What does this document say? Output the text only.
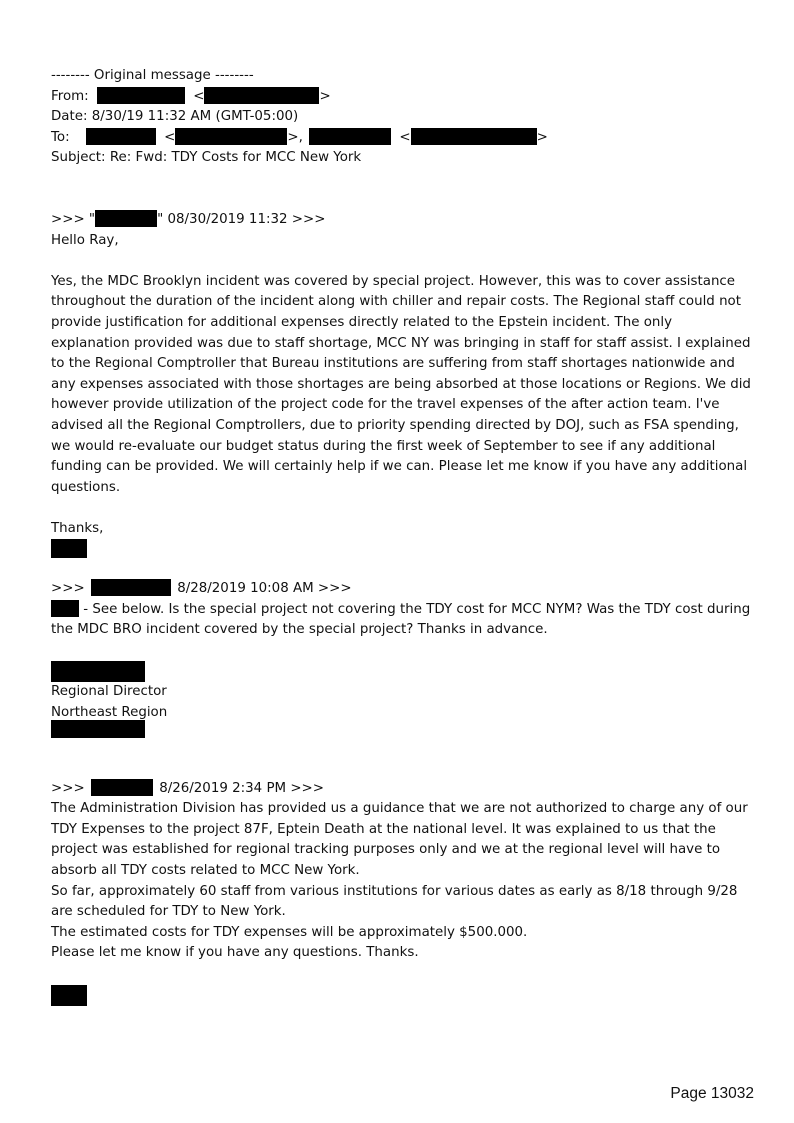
-------- Original message --------
From:	<	>
Date: 8/30/19 11:32 AM (GMT-05:00)
To:	<	>,	<	>
Subject: Re: Fwd: TDY Costs for MCC New York
>>> "	" 08/30/2019 11:32 >>>
Hello Ray,

Yes, the MDC Brooklyn incident was covered by special project. However, this was to cover assistance throughout the duration of the incident along with chiller and repair costs. The Regional staff could not provide justification for additional expenses directly related to the Epstein incident. The only explanation provided was due to staff shortage, MCC NY was bringing in staff for staff assist. I explained to the Regional Comptroller that Bureau institutions are suffering from staff shortages nationwide and any expenses associated with those shortages are being absorbed at those locations or Regions. We did however provide utilization of the project code for the travel expenses of the after action team. I've advised all the Regional Comptrollers, due to priority spending directed by DOJ, such as FSA spending, we would re-evaluate our budget status during the first week of September to see if any additional funding can be provided. We will certainly help if we can. Please let me know if you have any additional questions.

Thanks,
>>>	8/28/2019 10:08 AM >>>

- See below. Is the special project not covering the TDY cost for MCC NYM? Was the TDY cost during the MDC BRO incident covered by the special project? Thanks in advance.

Regional Director
Northeast Region
>>>	8/26/2019 2:34 PM >>>

The Administration Division has provided us a guidance that we are not authorized to charge any of our TDY Expenses to the project 87F, Eptein Death at the national level. It was explained to us that the project was established for regional tracking purposes only and we at the regional level will have to absorb all TDY costs related to MCC New York.

So far, approximately 60 staff from various institutions for various dates as early as 8/18 through 9/28 are scheduled for TDY to New York.

The estimated costs for TDY expenses will be approximately $500.000.

Please let me know if you have any questions. Thanks.

Page 13032
